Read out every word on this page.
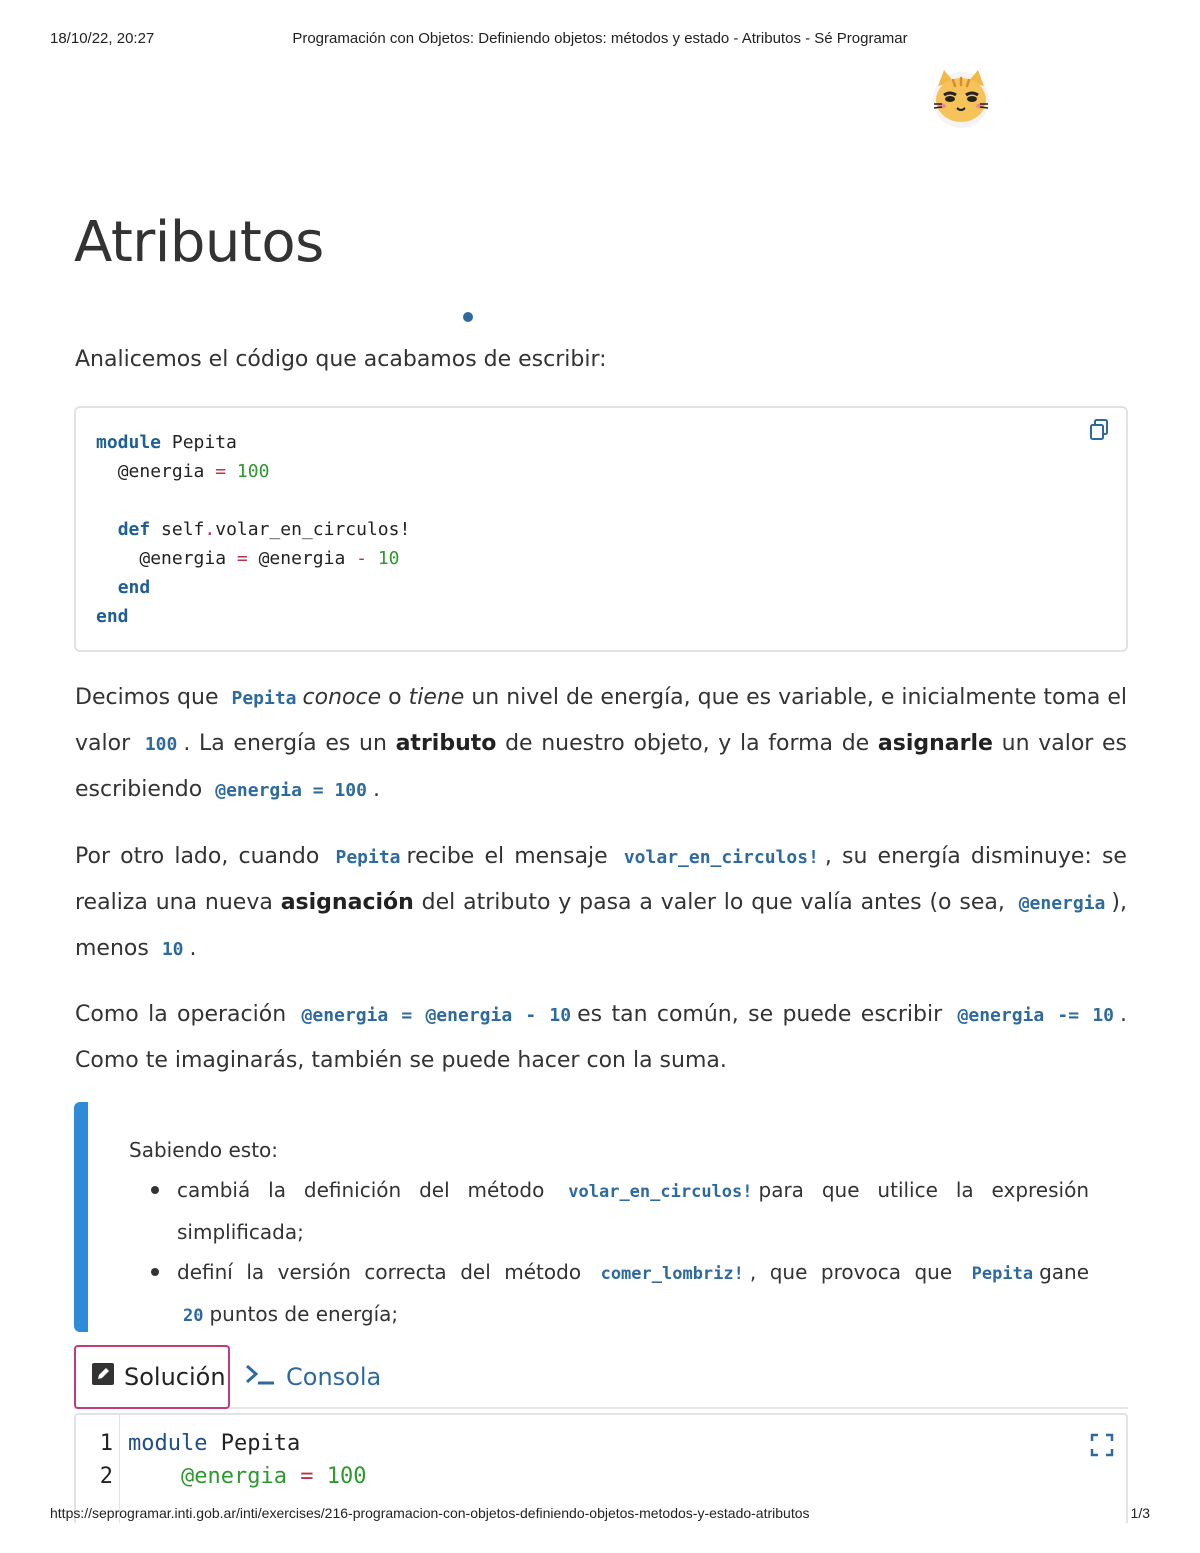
18/10/22, 20:27	Programación con Objetos: Definiendo objetos: métodos y estado - Atributos - Sé Programar
Atributos

Analicemos el código que acabamos de escribir:

module Pepita
@energia = 100

def self.volar_en_circulos!
@energia = @energia - 10
end
end

Decimos que Pepita conoce o tiene un nivel de energía, que es variable, e inicialmente toma el valor 100 . La energía es un atributo de nuestro objeto, y la forma de asignarle un valor es escribiendo @energia = 100 .

Por otro lado, cuando Pepita recibe el mensaje volar_en_circulos! , su energía disminuye: se realiza una nueva asignación del atributo y pasa a valer lo que valía antes (o sea, @energia ), menos 10 .

Como la operación @energia = @energia - 10 es tan común, se puede escribir @energia -= 10 . Como te imaginarás, también se puede hacer con la suma.

Sabiendo esto:

cambiá la definición del método volar_en_circulos! para que utilice la expresión simplificada;
definí la versión correcta del método comer_lombriz! , que provoca que Pepita gane 20 puntos de energía;
Solución	Consola
1
2
module Pepita
@energia = 100
https://seprogramar.inti.gob.ar/inti/exercises/216-programacion-con-objetos-definiendo-objetos-metodos-y-estado-atributos	1/3
